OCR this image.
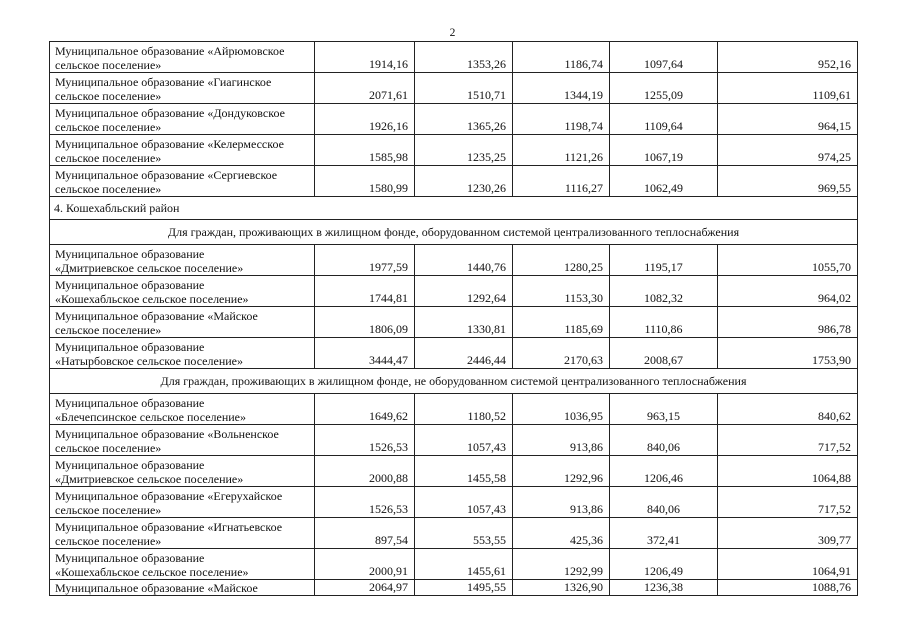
2
Муниципальное образование «Айрюмовское
сельское поселение»	1914,16	1353,26	1186,74	1097,64	952,16

Муниципальное образование «Гиагинское
сельское поселение»	2071,61	1510,71	1344,19	1255,09	1109,61

Муниципальное образование «Дондуковское
сельское поселение»	1926,16	1365,26	1198,74	1109,64	964,15

Муниципальное образование «Келермесское
сельское поселение»	1585,98	1235,25	1121,26	1067,19	974,25

Муниципальное образование «Сергиевское
сельское поселение»	1580,99	1230,26	1116,27	1062,49	969,55
4. Кошехабльский район					
Для граждан, проживающих в жилищном фонде, оборудованном системой централизованного теплоснабжения					

Муниципальное образование
«Дмитриевское сельское поселение»	1977,59	1440,76	1280,25	1195,17	1055,70

Муниципальное образование
«Кошехабльское сельское поселение»	1744,81	1292,64	1153,30	1082,32	964,02

Муниципальное образование «Майское
сельское поселение»	1806,09	1330,81	1185,69	1110,86	986,78

Муниципальное образование
«Натырбовское сельское поселение»	3444,47	2446,44	2170,63	2008,67	1753,90
Для граждан, проживающих в жилищном фонде, не оборудованном системой централизованного теплоснабжения					

Муниципальное образование
«Блечепсинское сельское поселение»	1649,62	1180,52	1036,95	963,15	840,62

Муниципальное образование «Вольненское
сельское поселение»	1526,53	1057,43	913,86	840,06	717,52

Муниципальное образование
«Дмитриевское сельское поселение»	2000,88	1455,58	1292,96	1206,46	1064,88

Муниципальное образование «Егерухайское
сельское поселение»	1526,53	1057,43	913,86	840,06	717,52

Муниципальное образование «Игнатьевское
сельское поселение»	897,54	553,55	425,36	372,41	309,77

Муниципальное образование
«Кошехабльское сельское поселение»	2000,91	1455,61	1292,99	1206,49	1064,91

Муниципальное образование «Майское	2064,97	1495,55	1326,90	1236,38	1088,76
